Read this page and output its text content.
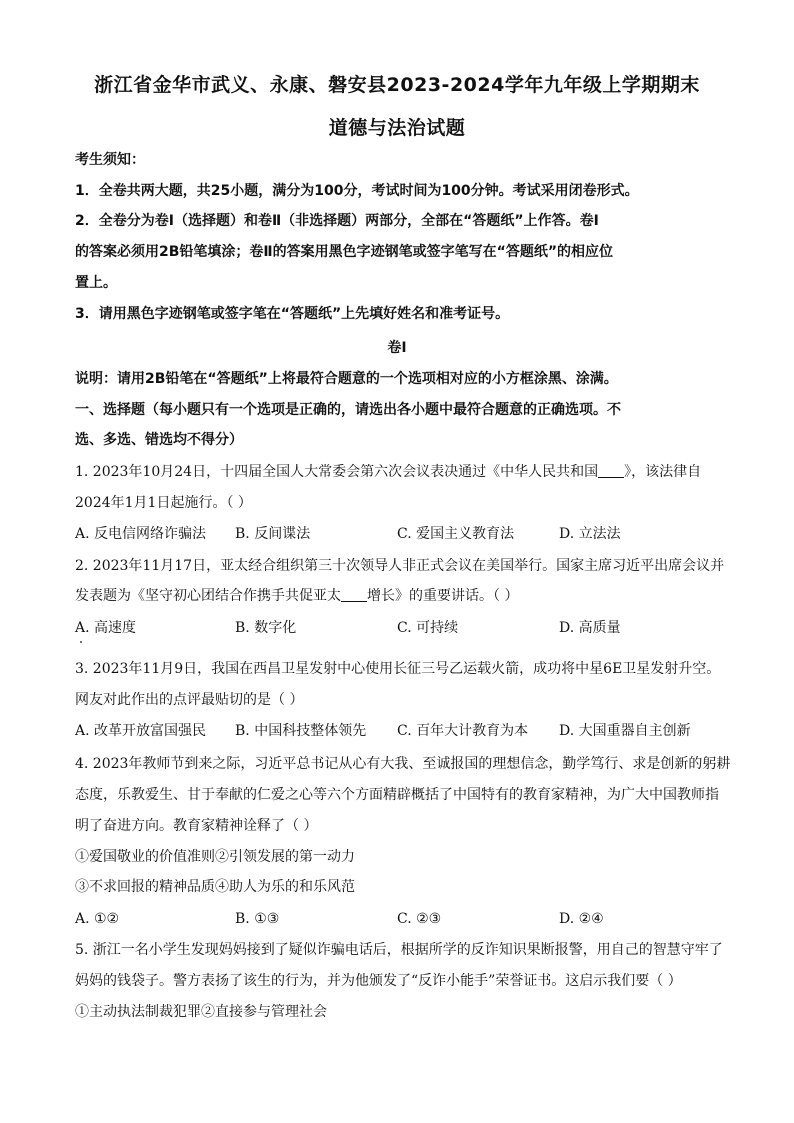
浙江省金华市武义、永康、磐安县2023-2024学年九年级上学期期末
道德与法治试题
考生须知：
1．全卷共两大题，共25小题，满分为100分，考试时间为100分钟。考试采用闭卷形式。
2．全卷分为卷Ⅰ（选择题）和卷Ⅱ（非选择题）两部分，全部在“答题纸”上作答。卷Ⅰ
的答案必须用2B铅笔填涂；卷Ⅱ的答案用黑色字迹钢笔或签字笔写在“答题纸”的相应位
置上。
3．请用黑色字迹钢笔或签字笔在“答题纸”上先填好姓名和准考证号。
卷Ⅰ
说明：请用2B铅笔在“答题纸”上将最符合题意的一个选项相对应的小方框涂黑、涂满。
一、选择题（每小题只有一个选项是正确的，请选出各小题中最符合题意的正确选项。不
选、多选、错选均不得分）
1. 2023年10月24日，十四届全国人大常委会第六次会议表决通过《中华人民共和国 》，该法律自
2024年1月1日起施行。（ ）
A. 反电信网络诈骗法 B. 反间谍法	C. 爱国主义教育法	D. 立法法
2. 2023年11月17日，亚太经合组织第三十次领导人非正式会议在美国举行。国家主席习近平出席会议并
发表题为《坚守初心团结合作携手共促亚太 增长》的重要讲话。（ ）
A. 高速度	B. 数字化	C. 可持续	D. 高质量
3. 2023年11月9日，我国在西昌卫星发射中心使用长征三号乙运载火箭，成功将中星6E卫星发射升空。
网友对此作出的点评最贴切的是（ ）
A. 改革开放富国强民 B. 中国科技整体领先 C. 百年大计教育为本 D. 大国重器自主创新
4. 2023年教师节到来之际，习近平总书记从心有大我、至诚报国的理想信念，勤学笃行、求是创新的躬耕
态度，乐教爱生、甘于奉献的仁爱之心等六个方面精辟概括了中国特有的教育家精神，为广大中国教师指
明了奋进方向。教育家精神诠释了（ ）
①爱国敬业的价值准则②引领发展的第一动力
③不求回报的精神品质④助人为乐的和乐风范
A. ①②	B. ①③	C. ②③	D. ②④
5. 浙江一名小学生发现妈妈接到了疑似诈骗电话后，根据所学的反诈知识果断报警，用自己的智慧守牢了
妈妈的钱袋子。警方表扬了该生的行为，并为他颁发了“反诈小能手”荣誉证书。这启示我们要（ ）
①主动执法制裁犯罪②直接参与管理社会
